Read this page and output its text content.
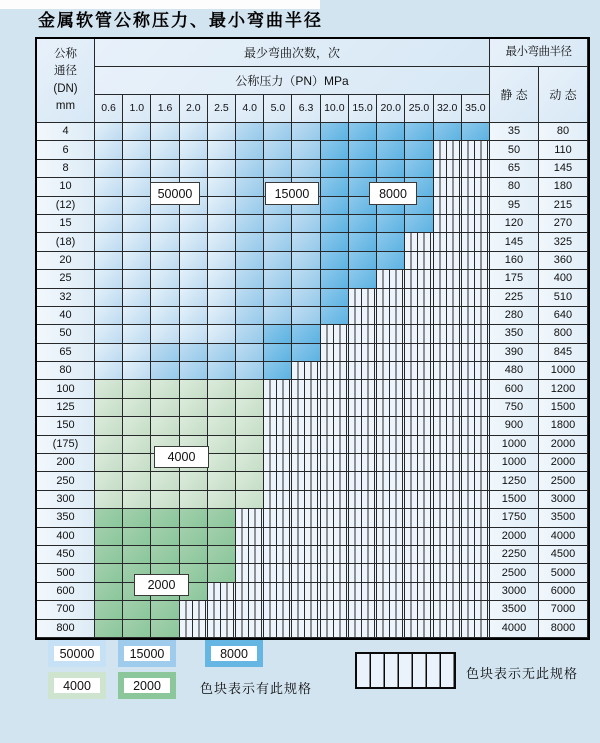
金属软管公称压力、最小弯曲半径
公称
通径
(DN)
mm
最少弯曲次数，次	最小弯曲半径
公称压力（PN）MPa
静 态	动 态
0.6	1.0	1.6	2.0	2.5	4.0	5.0	6.3	10.0 15.0 20.0 25.0 32.0 35.0
4	35	80
6	50	110
8	65	145
10	80	180
(12)	95	215
15	120	270
(18)	145	325
20	160	360
25	175	400
32	225	510
40	280	640
50	350	800
65	390	845
80	480	1000
100	600	1200
125	750	1500
150	900	1800
(175)	1000	2000
200	1000	2000
250	1250	2500
300	1500	3000
350	1750	3500
400	2000	4000
450	2250	4500
500	2500	5000
600	3000	6000
700	3500	7000
800	4000	8000
50000	15000	8000
4000
2000
色块表示有此规格
色块表示无此规格
50000	15000	8000
4000	2000
